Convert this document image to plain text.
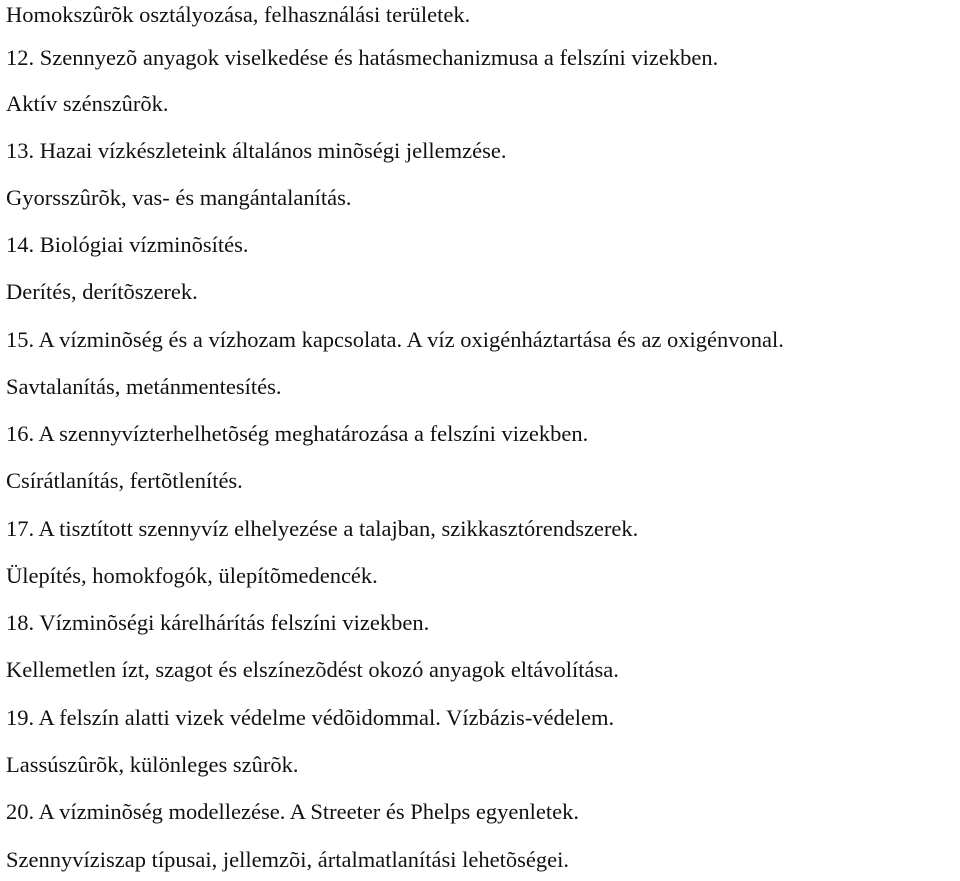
Homokszûrõk osztályozása, felhasználási területek.
12. Szennyezõ anyagok viselkedése és hatásmechanizmusa a felszíni vizekben.
Aktív szénszûrõk.
13. Hazai vízkészleteink általános minõségi jellemzése.
Gyorsszûrõk, vas- és mangántalanítás.
14. Biológiai vízminõsítés.
Derítés, derítõszerek.
15. A vízminõség és a vízhozam kapcsolata. A víz oxigénháztartása és az oxigénvonal.
Savtalanítás, metánmentesítés.
16. A szennyvízterhelhetõség meghatározása a felszíni vizekben.
Csírátlanítás, fertõtlenítés.
17. A tisztított szennyvíz elhelyezése a talajban, szikkasztórendszerek.
Ülepítés, homokfogók, ülepítõmedencék.
18. Vízminõségi kárelhárítás felszíni vizekben.
Kellemetlen ízt, szagot és elszínezõdést okozó anyagok eltávolítása.
19. A felszín alatti vizek védelme védõidommal. Vízbázis-védelem.
Lassúszûrõk, különleges szûrõk.
20. A vízminõség modellezése. A Streeter és Phelps egyenletek.
Szennyvíziszap típusai, jellemzõi, ártalmatlanítási lehetõségei.
